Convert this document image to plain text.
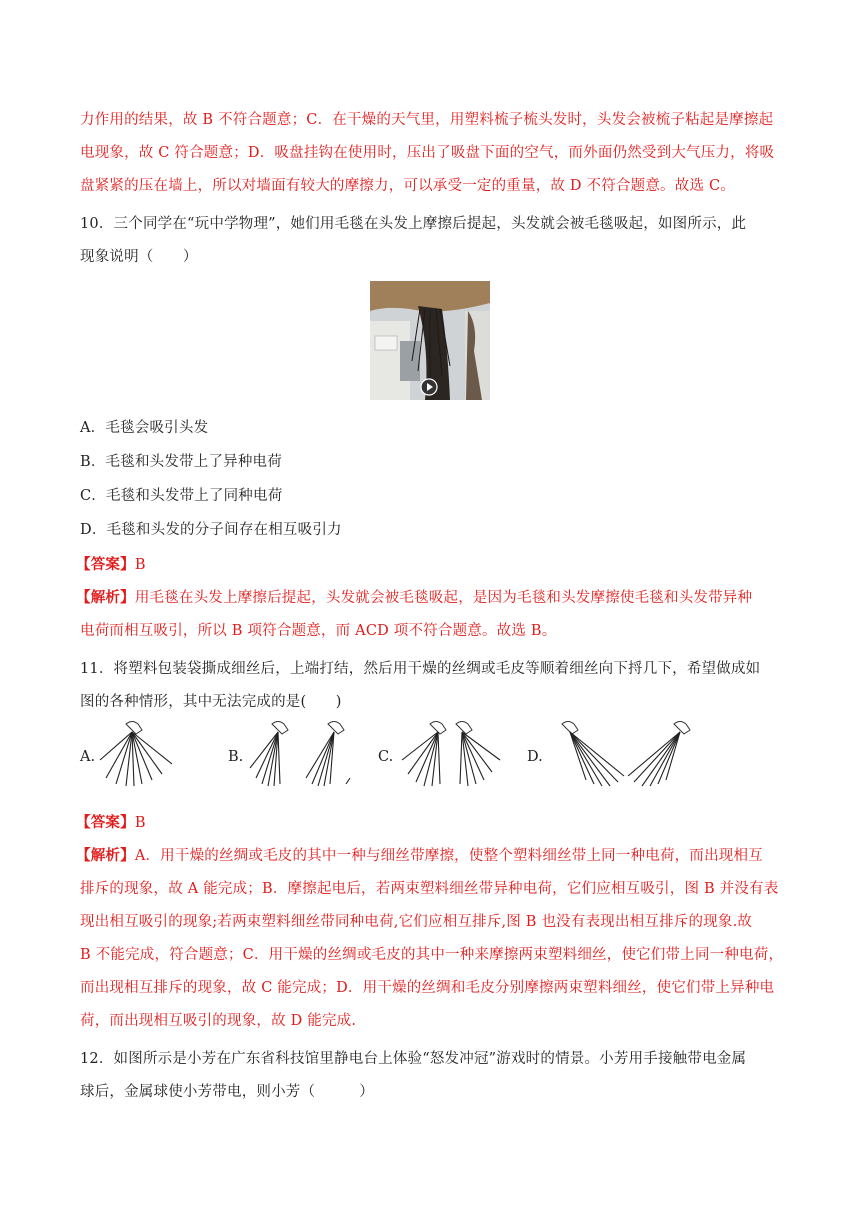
力作用的结果，故 B 不符合题意；C．在干燥的天气里，用塑料梳子梳头发时，头发会被梳子粘起是摩擦起
电现象，故 C 符合题意；D．吸盘挂钩在使用时，压出了吸盘下面的空气，而外面仍然受到大气压力，将吸
盘紧紧的压在墙上，所以对墙面有较大的摩擦力，可以承受一定的重量，故 D 不符合题意。故选 C。
10．三个同学在“玩中学物理”，她们用毛毯在头发上摩擦后提起，头发就会被毛毯吸起，如图所示，此
现象说明（　　）
A．毛毯会吸引头发
B．毛毯和头发带上了异种电荷
C．毛毯和头发带上了同种电荷
D．毛毯和头发的分子间存在相互吸引力
【答案】B
【解析】用毛毯在头发上摩擦后提起，头发就会被毛毯吸起，是因为毛毯和头发摩擦使毛毯和头发带异种
电荷而相互吸引，所以 B 项符合题意，而 ACD 项不符合题意。故选 B。
11．将塑料包装袋撕成细丝后，上端打结，然后用干燥的丝绸或毛皮等顺着细丝向下捋几下，希望做成如
图的各种情形，其中无法完成的是(　　)
A.	B.	C.	D.
【答案】B
【解析】A．用干燥的丝绸或毛皮的其中一种与细丝带摩擦，使整个塑料细丝带上同一种电荷，而出现相互
排斥的现象，故 A 能完成；B．摩擦起电后，若两束塑料细丝带异种电荷，它们应相互吸引，图 B 并没有表
现出相互吸引的现象;若两束塑料细丝带同种电荷,它们应相互排斥,图 B 也没有表现出相互排斥的现象.故
B 不能完成，符合题意；C．用干燥的丝绸或毛皮的其中一种来摩擦两束塑料细丝，使它们带上同一种电荷，
而出现相互排斥的现象，故 C 能完成；D．用干燥的丝绸和毛皮分别摩擦两束塑料细丝，使它们带上异种电
荷，而出现相互吸引的现象，故 D 能完成.
12．如图所示是小芳在广东省科技馆里静电台上体验“怒发冲冠”游戏时的情景。小芳用手接触带电金属
球后，金属球使小芳带电，则小芳（　　　）
